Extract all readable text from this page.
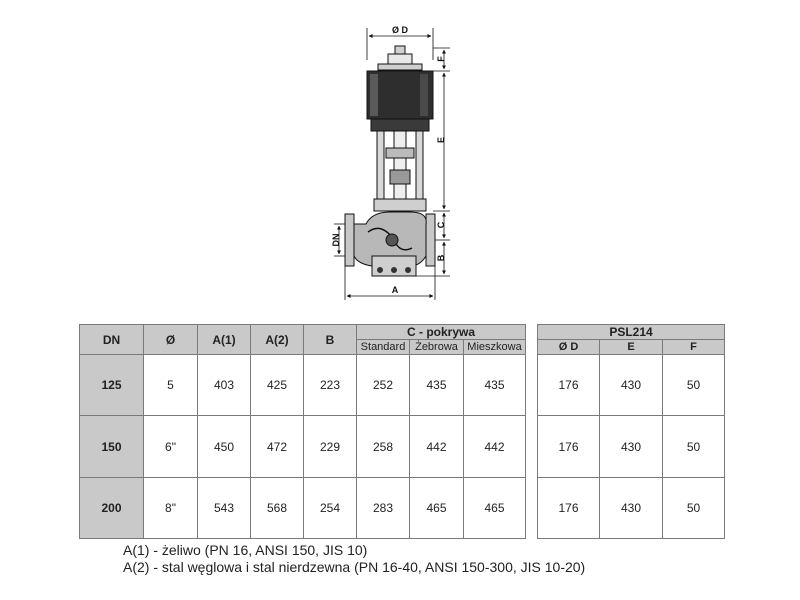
Ø D
F
E
C
B
DN
A
DN	Ø	A(1)	A(2)	B	C - pokrywa		
					Standard	Żebrowa	Mieszkowa
125	5	403	425	223	252	435	435
150	6"	450	472	229	258	442	442
200	8"	543	568	254	283	465	465
PSL214		
Ø D	E	F
176	430	50
176	430	50
176	430	50
A(1) - żeliwo (PN 16, ANSI 150, JIS 10)
A(2) - stal węglowa i stal nierdzewna (PN 16-40, ANSI 150-300, JIS 10-20)
